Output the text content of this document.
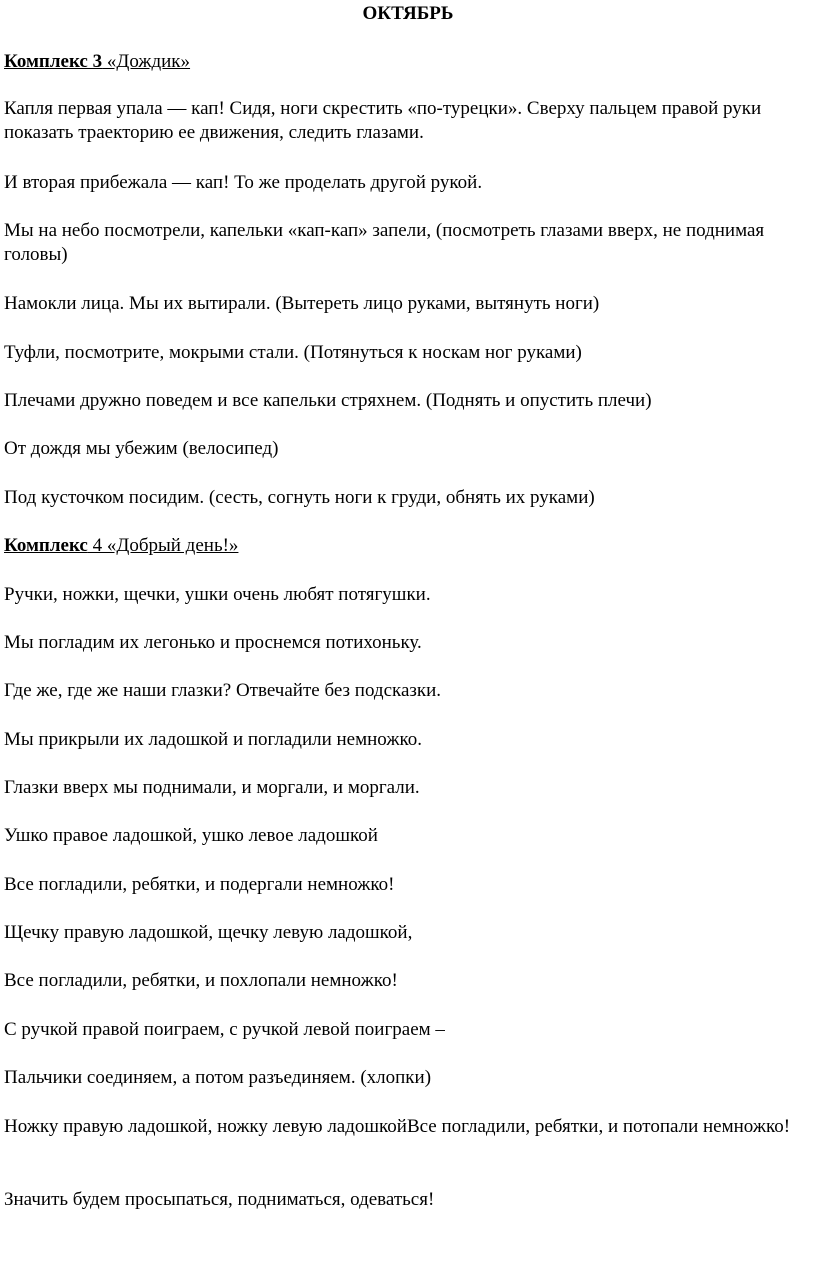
ОКТЯБРЬ
Комплекс 3 «Дождик»
Капля первая упала — кап! Сидя, ноги скрестить «по-турецки». Сверху пальцем правой руки показать траекторию ее движения, следить глазами.
И вторая прибежала — кап! То же проделать другой рукой.
Мы на небо посмотрели, капельки «кап-кап» запели, (посмотреть глазами вверх, не поднимая головы)
Намокли лица. Мы их вытирали. (Вытереть лицо руками, вытянуть ноги)
Туфли, посмотрите, мокрыми стали. (Потянуться к носкам ног руками)
Плечами дружно поведем и все капельки стряхнем. (Поднять и опустить плечи)
От дождя мы убежим (велосипед)
Под кусточком посидим. (сесть, согнуть ноги к груди, обнять их руками)
Комплекс 4 «Добрый день!»
Ручки, ножки, щечки, ушки очень любят потягушки.
Мы погладим их легонько и проснемся потихоньку.
Где же, где же наши глазки? Отвечайте без подсказки.
Мы прикрыли их ладошкой и погладили немножко.
Глазки вверх мы поднимали, и моргали, и моргали.
Ушко правое ладошкой, ушко левое ладошкой
Все погладили, ребятки, и подергали немножко!
Щечку правую ладошкой, щечку левую ладошкой,
Все погладили, ребятки, и похлопали немножко!
С ручкой правой поиграем, с ручкой левой поиграем –
Пальчики соединяем, а потом разъединяем. (хлопки)
Ножку правую ладошкой, ножку левую ладошкойВсе погладили, ребятки, и потопали немножко!
Значить будем просыпаться, подниматься, одеваться!
